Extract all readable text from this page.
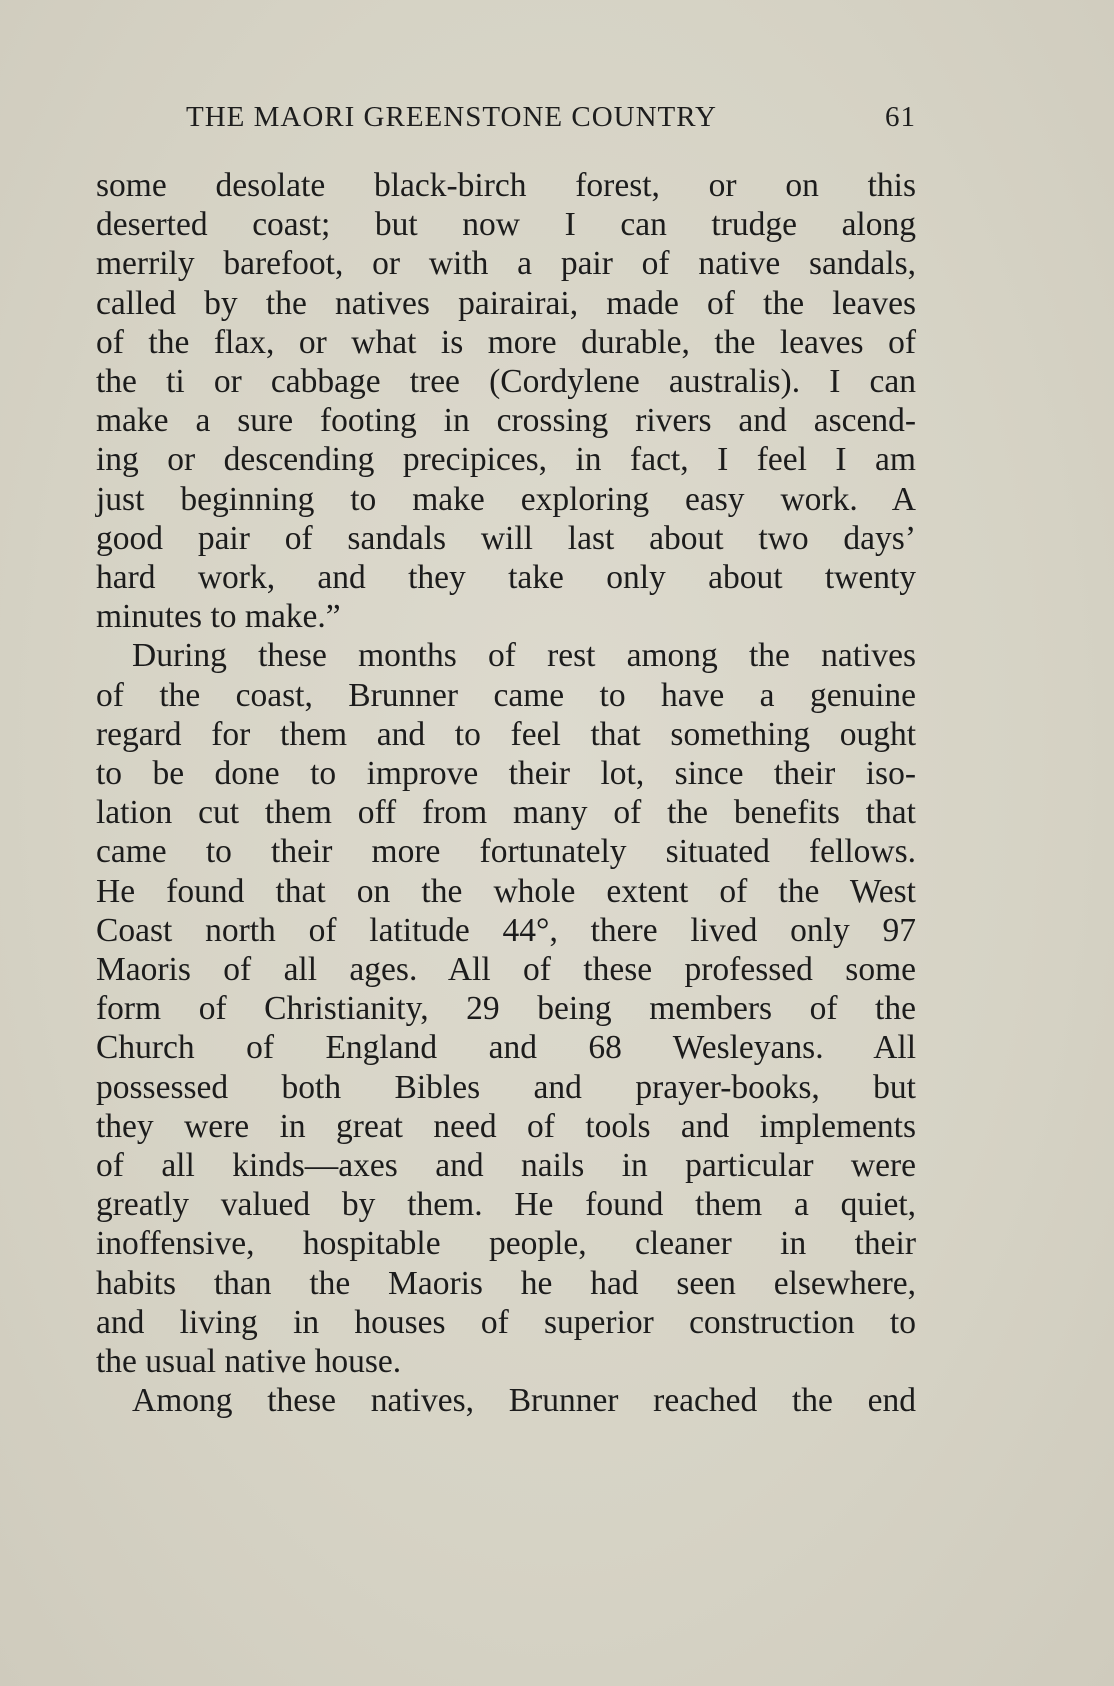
THE MAORI GREENSTONE COUNTRY	61
some desolate black-birch forest, or on this
deserted coast; but now I can trudge along
merrily barefoot, or with a pair of native sandals,
called by the natives pairairai, made of the leaves
of the flax, or what is more durable, the leaves of
the ti or cabbage tree (Cordylene australis). I can
make a sure footing in crossing rivers and ascend-
ing or descending precipices, in fact, I feel I am
just beginning to make exploring easy work. A
good pair of sandals will last about two days’
hard work, and they take only about twenty
minutes to make.”
During these months of rest among the natives
of the coast, Brunner came to have a genuine
regard for them and to feel that something ought
to be done to improve their lot, since their iso-
lation cut them off from many of the benefits that
came to their more fortunately situated fellows.
He found that on the whole extent of the West
Coast north of latitude 44°, there lived only 97
Maoris of all ages. All of these professed some
form of Christianity, 29 being members of the
Church of England and 68 Wesleyans. All
possessed both Bibles and prayer-books, but
they were in great need of tools and implements
of all kinds—axes and nails in particular were
greatly valued by them. He found them a quiet,
inoffensive, hospitable people, cleaner in their
habits than the Maoris he had seen elsewhere,
and living in houses of superior construction to
the usual native house.
Among these natives, Brunner reached the end
